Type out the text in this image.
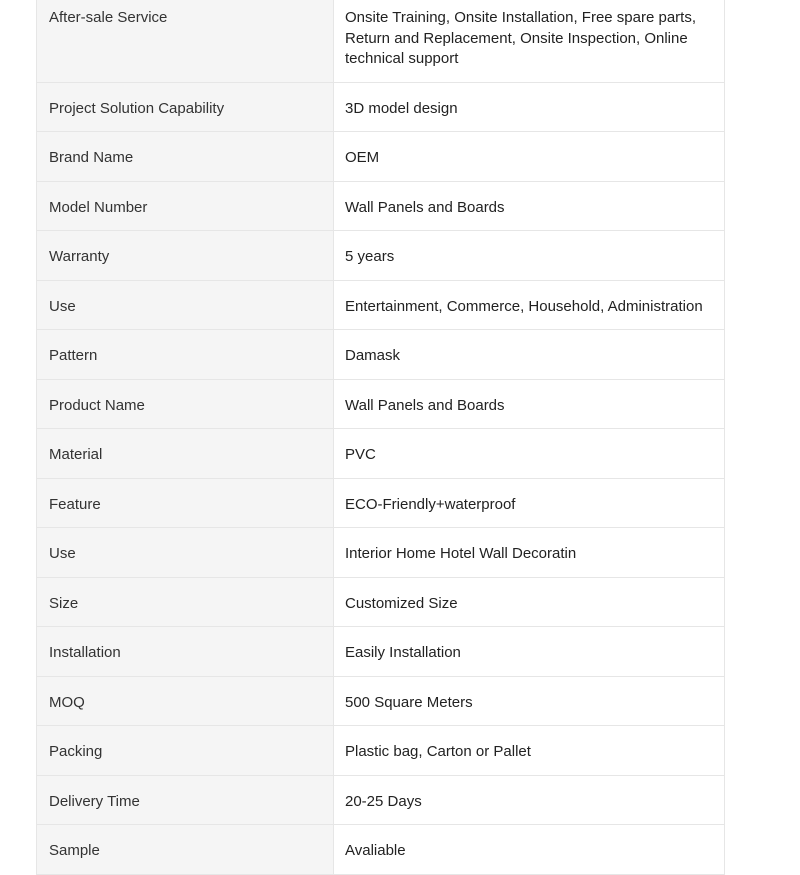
After-sale Service	Onsite Training, Onsite Installation, Free spare parts, Return and Replacement, Onsite Inspection, Online technical support
Project Solution Capability	3D model design
Brand Name	OEM
Model Number	Wall Panels and Boards
Warranty	5 years
Use	Entertainment, Commerce, Household, Administration
Pattern	Damask
Product Name	Wall Panels and Boards
Material	PVC
Feature	ECO-Friendly+waterproof
Use	Interior Home Hotel Wall Decoratin
Size	Customized Size
Installation	Easily Installation
MOQ	500 Square Meters
Packing	Plastic bag, Carton or Pallet
Delivery Time	20-25 Days
Sample	Avaliable
